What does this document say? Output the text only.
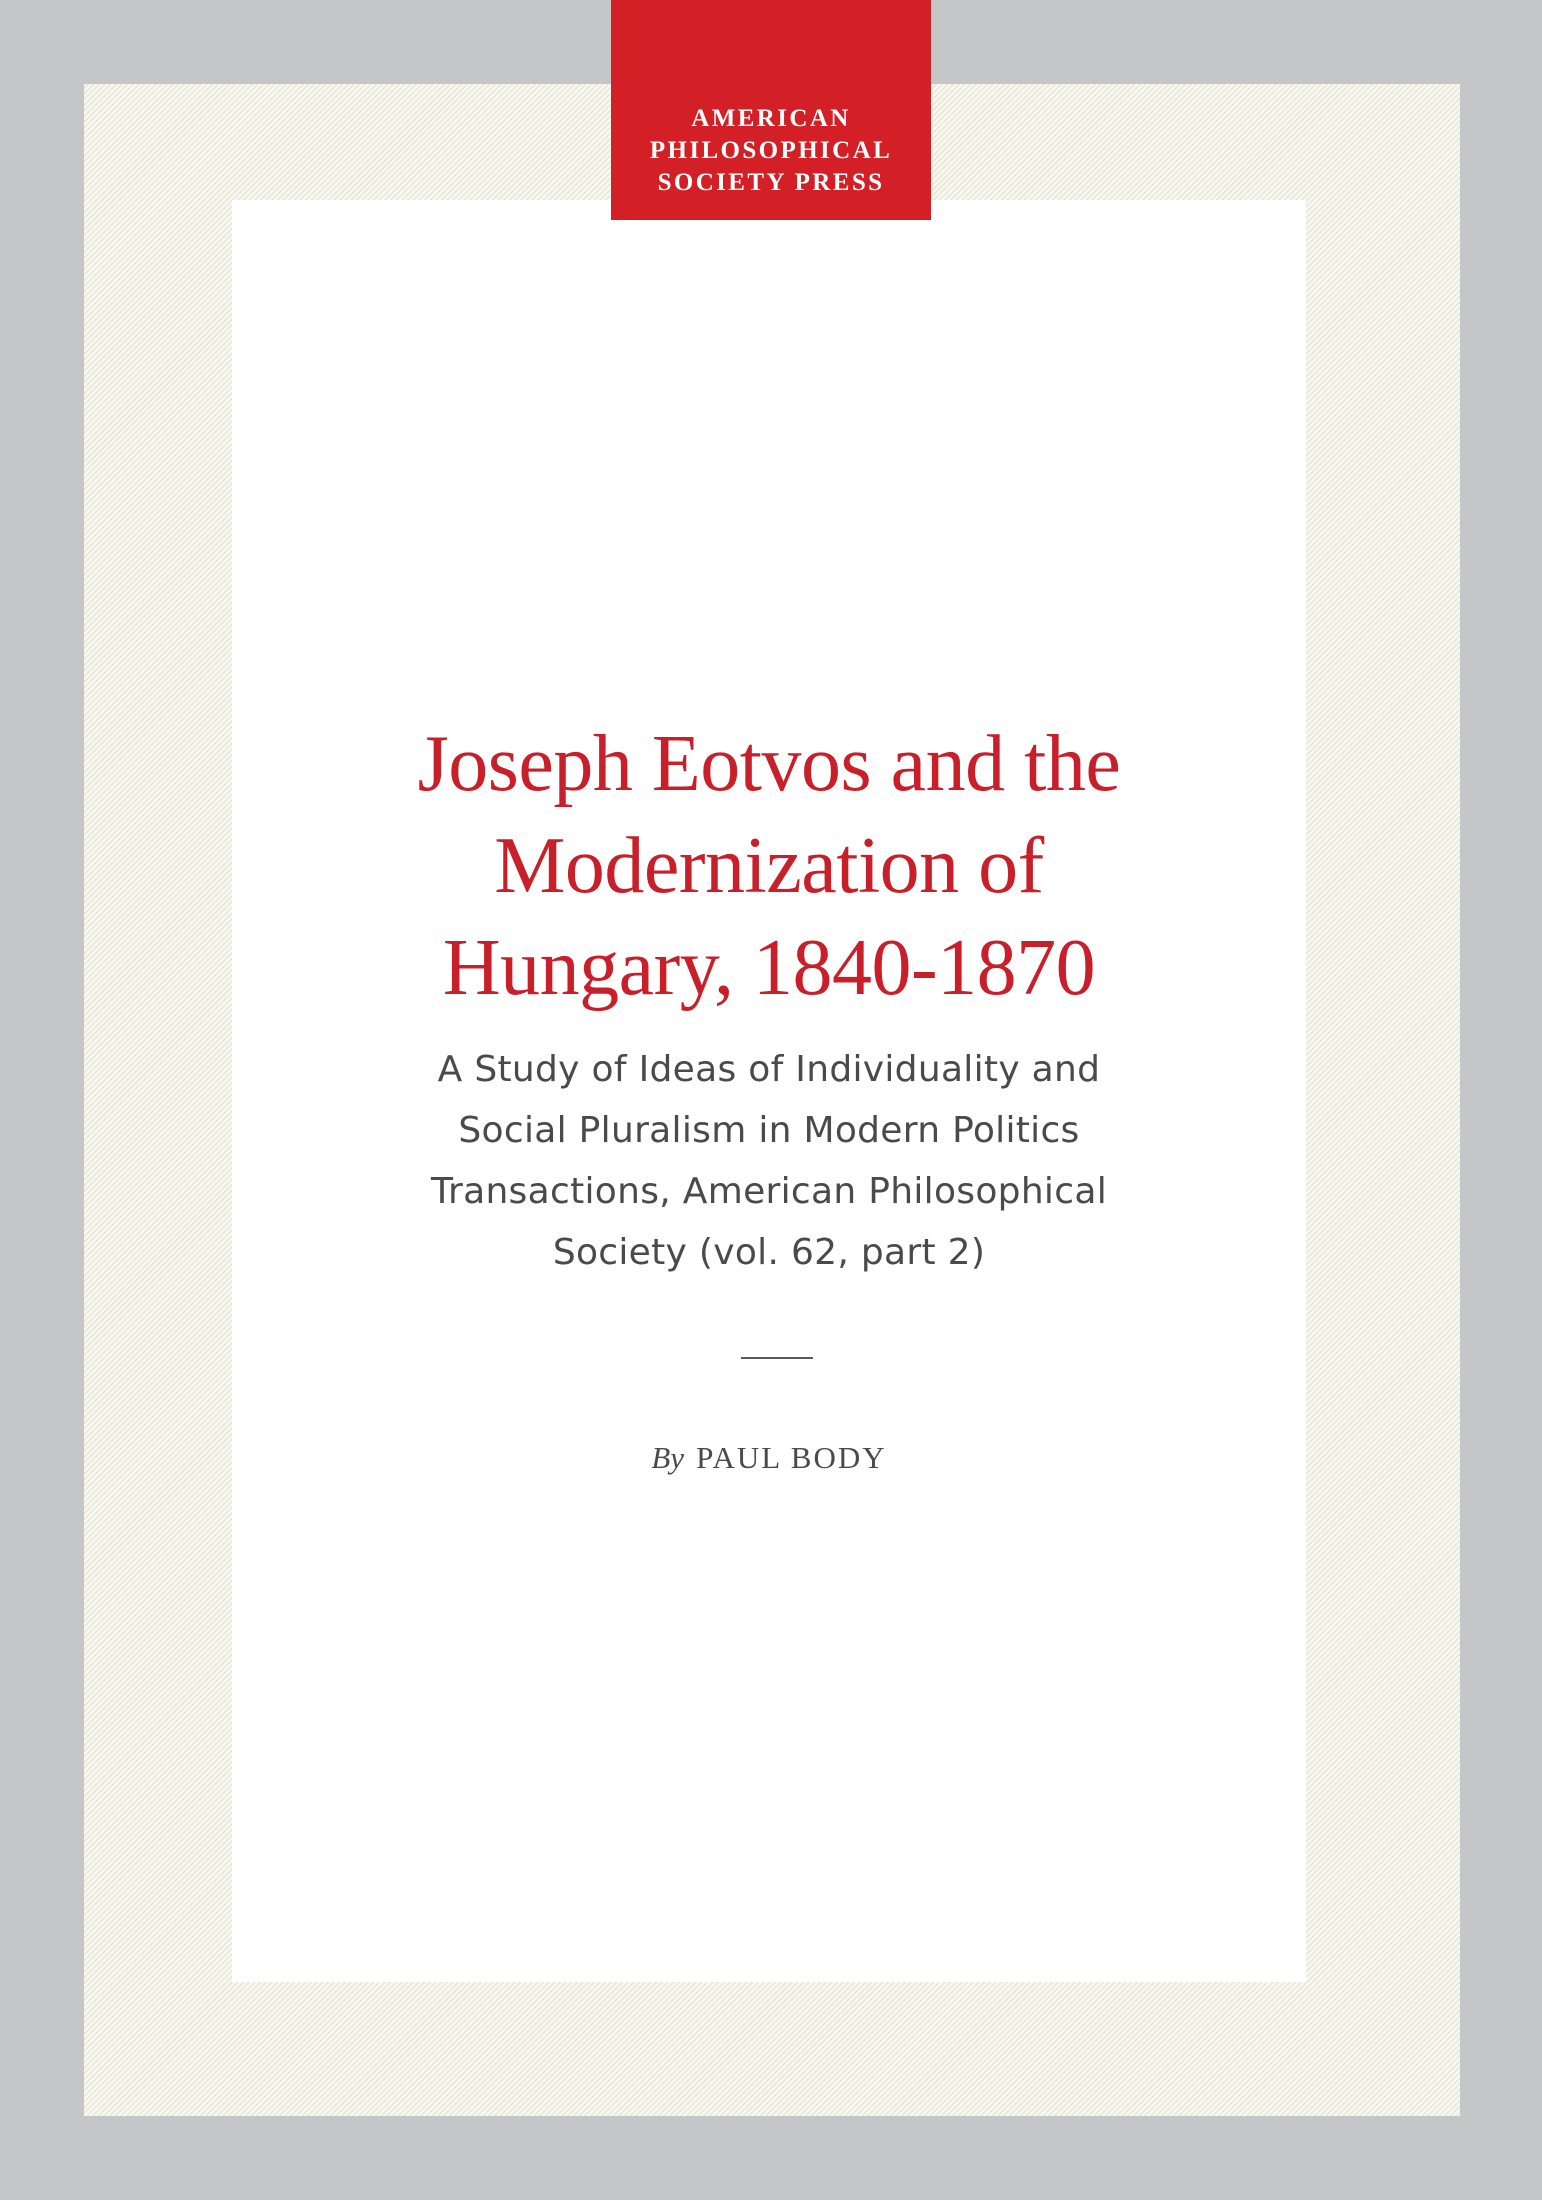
AMERICAN
PHILOSOPHICAL
SOCIETY PRESS
Joseph Eotvos and the
Modernization of
Hungary, 1840-1870

A Study of Ideas of Individuality and
Social Pluralism in Modern Politics
Transactions, American Philosophical
Society (vol. 62, part 2)

By PAUL BODY
